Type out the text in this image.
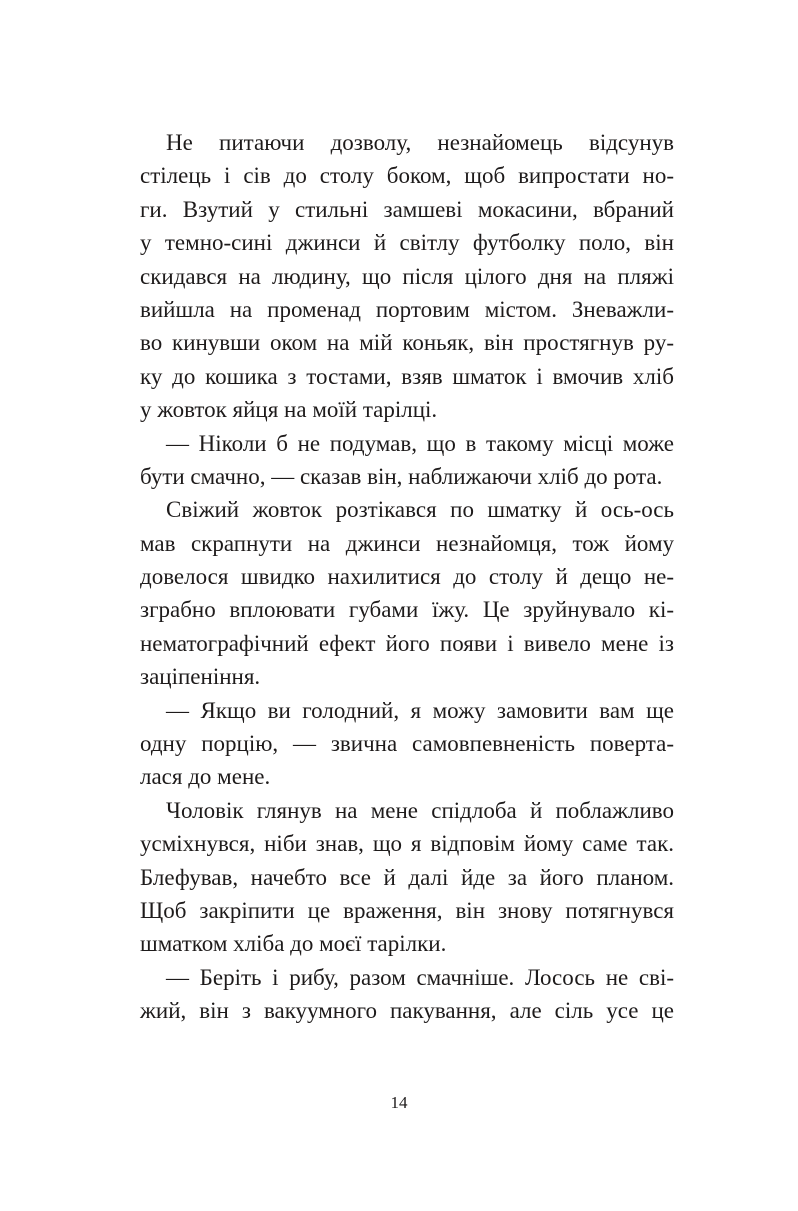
Не питаючи дозволу, незнайомець відсунув
стілець і сів до столу боком, щоб випростати но-
ги. Взутий у стильні замшеві мокасини, вбраний
у темно-сині джинси й світлу футболку поло, він
скидався на людину, що після цілого дня на пляжі
вийшла на променад портовим містом. Зневажли-
во кинувши оком на мій коньяк, він простягнув ру-
ку до кошика з тостами, взяв шматок і вмочив хліб
у жовток яйця на моїй тарілці.
— Ніколи б не подумав, що в такому місці може
бути смачно, — сказав він, наближаючи хліб до рота.
Свіжий жовток розтікався по шматку й ось-ось
мав скрапнути на джинси незнайомця, тож йому
довелося швидко нахилитися до столу й дещо не-
зграбно вплоювати губами їжу. Це зруйнувало кі-
нематографічний ефект його появи і вивело мене із
заціпеніння.
— Якщо ви голодний, я можу замовити вам ще
одну порцію, — звична самовпевненість поверта-
лася до мене.
Чоловік глянув на мене спідлоба й поблажливо
усміхнувся, ніби знав, що я відповім йому саме так.
Блефував, начебто все й далі йде за його планом.
Щоб закріпити це враження, він знову потягнувся
шматком хліба до моєї тарілки.
— Беріть і рибу, разом смачніше. Лосось не сві-
жий, він з вакуумного пакування, але сіль усе це
14
